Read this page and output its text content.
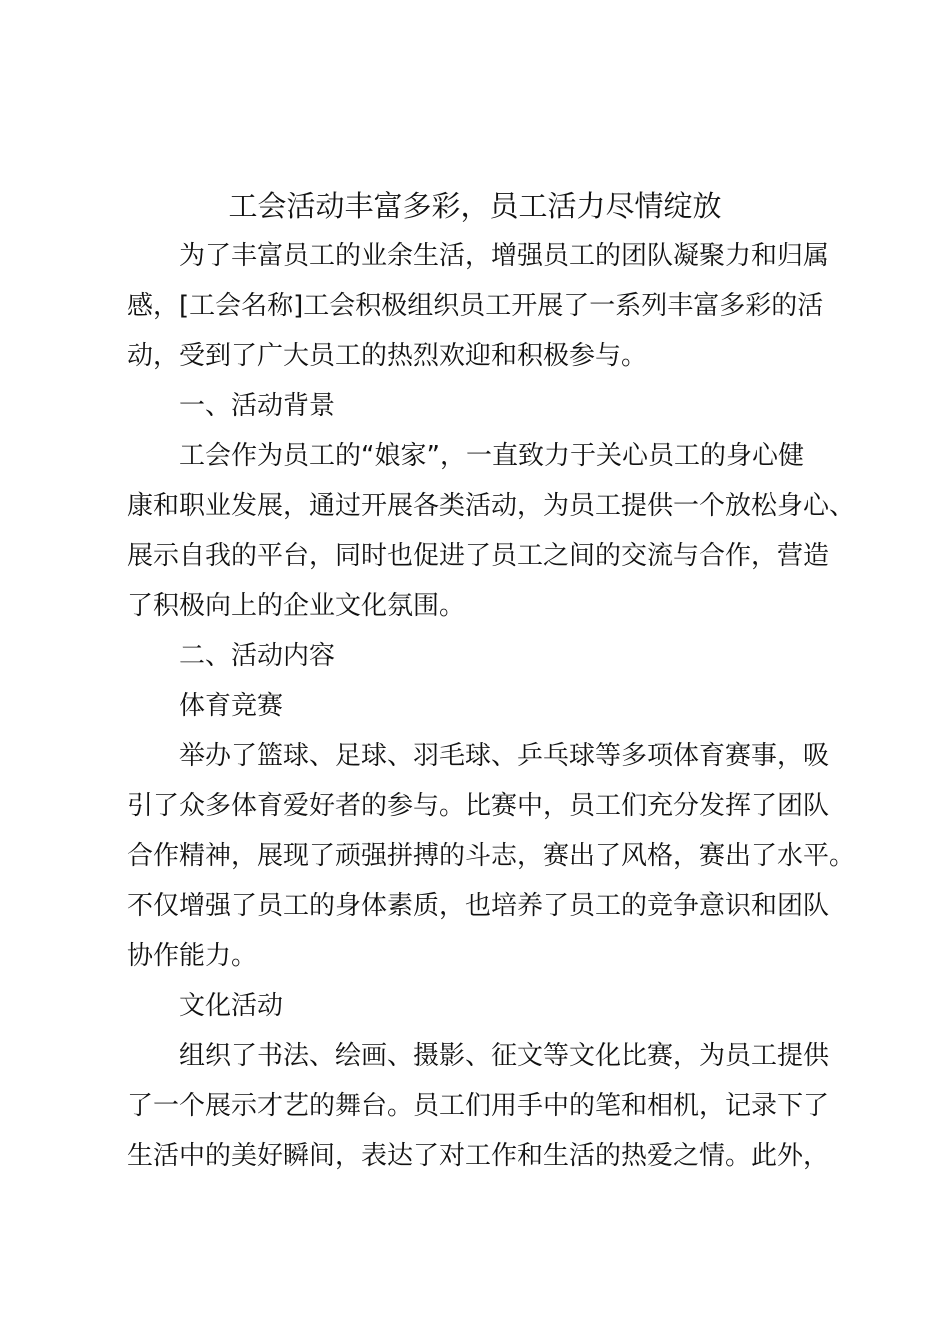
工会活动丰富多彩，员工活力尽情绽放
为了丰富员工的业余生活，增强员工的团队凝聚力和归属
感，[工会名称]工会积极组织员工开展了一系列丰富多彩的活
动，受到了广大员工的热烈欢迎和积极参与。
一、活动背景
工会作为员工的“娘家”，一直致力于关心员工的身心健
康和职业发展，通过开展各类活动，为员工提供一个放松身心、
展示自我的平台，同时也促进了员工之间的交流与合作，营造
了积极向上的企业文化氛围。
二、活动内容
体育竞赛
举办了篮球、足球、羽毛球、乒乓球等多项体育赛事，吸
引了众多体育爱好者的参与。比赛中，员工们充分发挥了团队
合作精神，展现了顽强拼搏的斗志，赛出了风格，赛出了水平。
不仅增强了员工的身体素质，也培养了员工的竞争意识和团队
协作能力。
文化活动
组织了书法、绘画、摄影、征文等文化比赛，为员工提供
了一个展示才艺的舞台。员工们用手中的笔和相机，记录下了
生活中的美好瞬间，表达了对工作和生活的热爱之情。此外，
